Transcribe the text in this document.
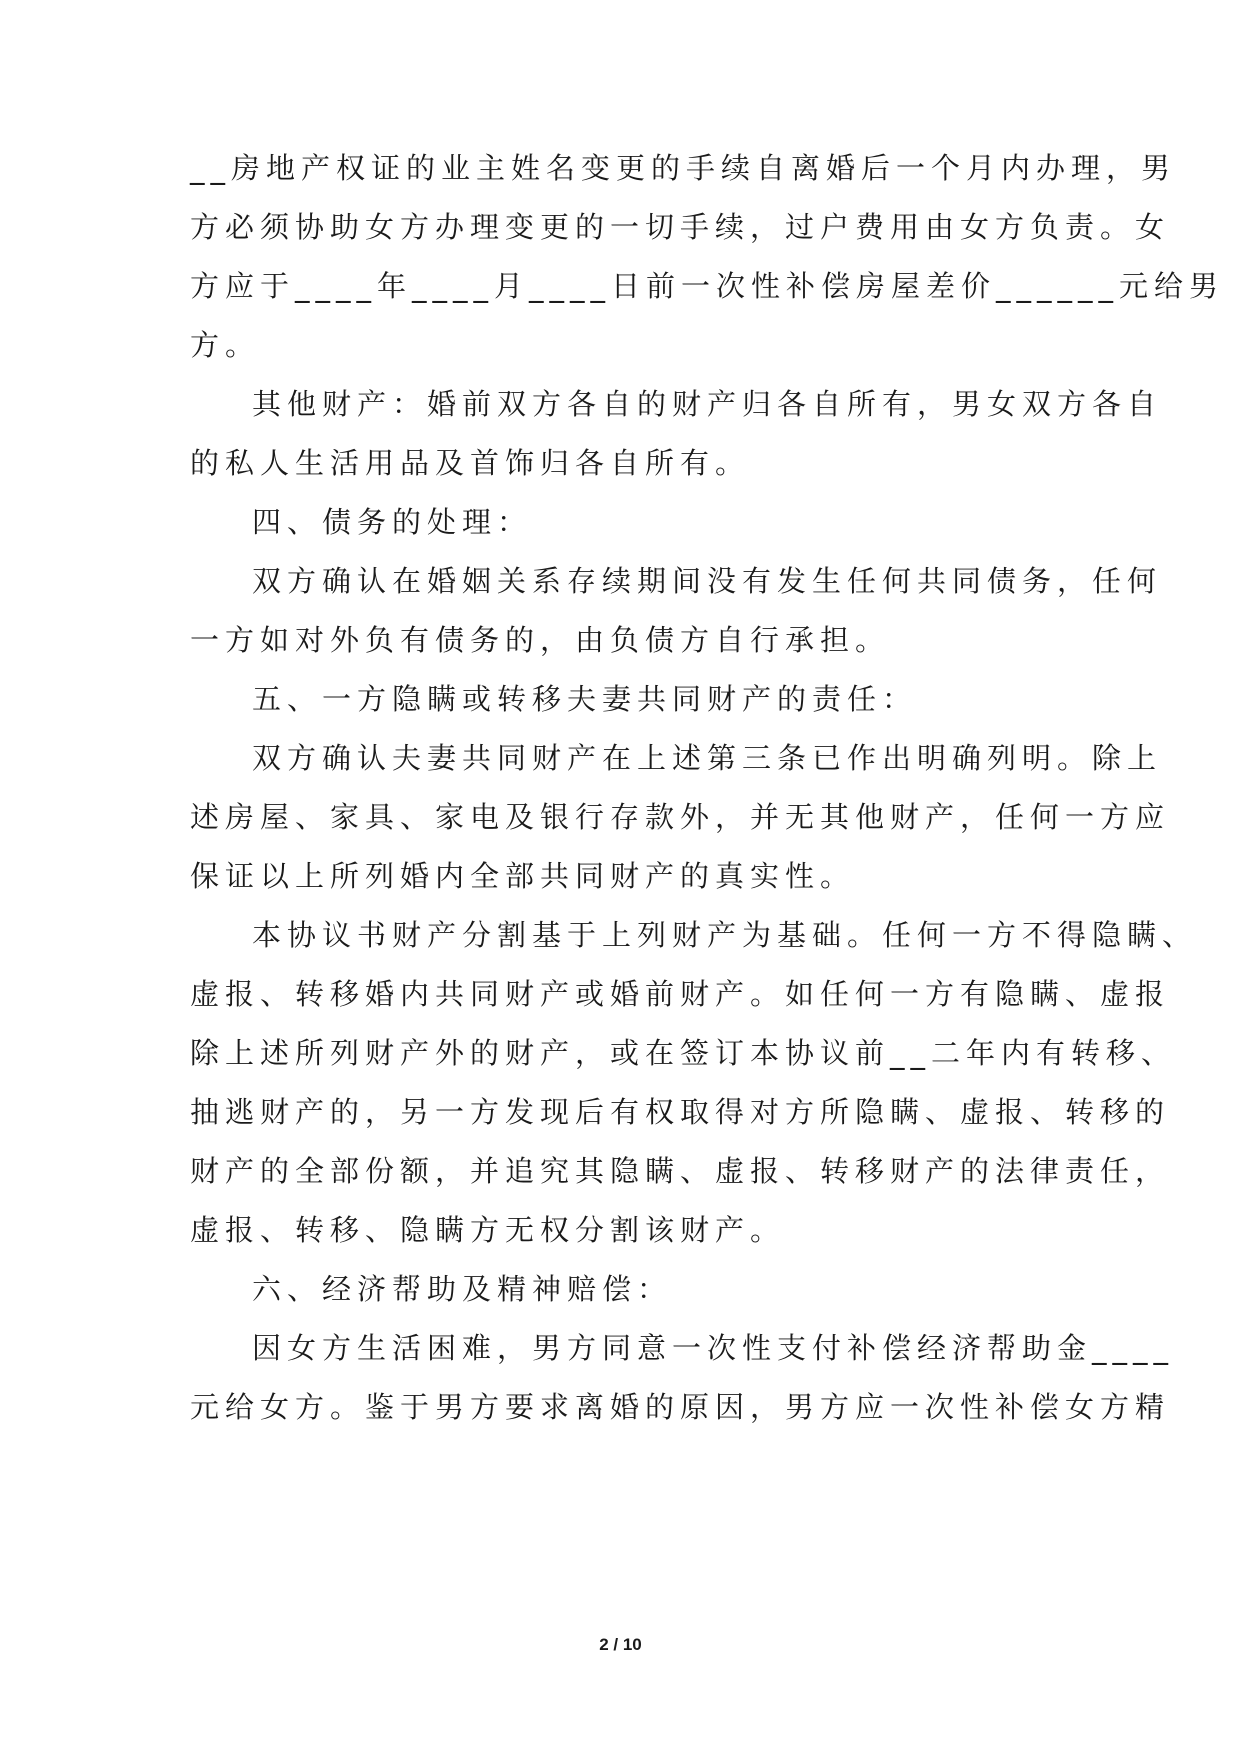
__房地产权证的业主姓名变更的手续自离婚后一个月内办理，男
方必须协助女方办理变更的一切手续，过户费用由女方负责。女
方应于____年____月____日前一次性补偿房屋差价______元给男
方。
其他财产：婚前双方各自的财产归各自所有，男女双方各自
的私人生活用品及首饰归各自所有。
四、债务的处理：
双方确认在婚姻关系存续期间没有发生任何共同债务，任何
一方如对外负有债务的，由负债方自行承担。
五、一方隐瞒或转移夫妻共同财产的责任：
双方确认夫妻共同财产在上述第三条已作出明确列明。除上
述房屋、家具、家电及银行存款外，并无其他财产，任何一方应
保证以上所列婚内全部共同财产的真实性。
本协议书财产分割基于上列财产为基础。任何一方不得隐瞒、
虚报、转移婚内共同财产或婚前财产。如任何一方有隐瞒、虚报
除上述所列财产外的财产，或在签订本协议前__二年内有转移、
抽逃财产的，另一方发现后有权取得对方所隐瞒、虚报、转移的
财产的全部份额，并追究其隐瞒、虚报、转移财产的法律责任，
虚报、转移、隐瞒方无权分割该财产。
六、经济帮助及精神赔偿：
因女方生活困难，男方同意一次性支付补偿经济帮助金____
元给女方。鉴于男方要求离婚的原因，男方应一次性补偿女方精
2 / 10
